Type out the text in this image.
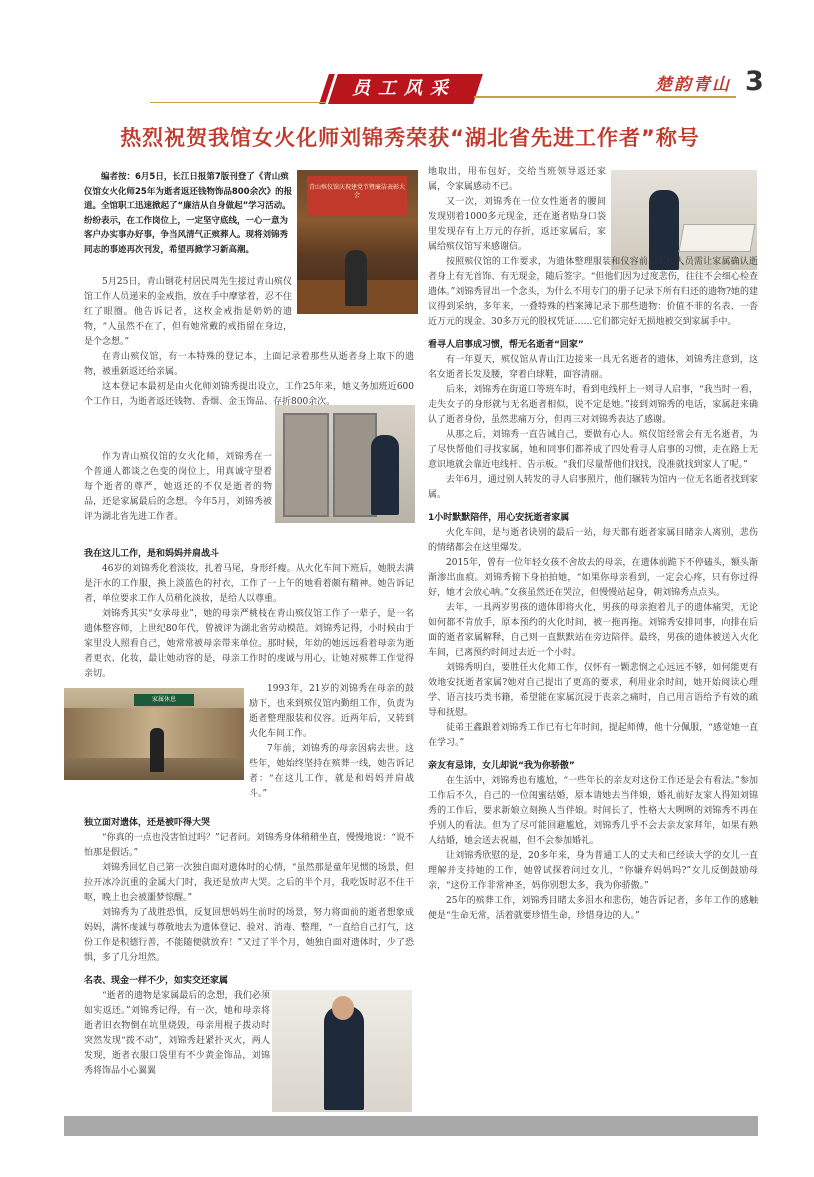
员工风采	楚韵青山 3
热烈祝贺我馆女火化师刘锦秀荣获“湖北省先进工作者”称号

编者按：6月5日，长江日报第7版刊登了《青山殡仪馆女火化师25年为逝者返还钱物饰品800余次》的报道。全馆职工迅速掀起了“廉洁从自身做起”学习活动。纷纷表示，在工作岗位上，一定坚守底线，一心一意为客户办实事办好事，争当风清气正殡葬人。现将刘锦秀同志的事迹再次刊发，希望再掀学习新高潮。

青山殡仪馆庆祝建党节暨廉洁表彰大会
家属休息

5月25日，青山钢花村居民周先生接过青山殡仪馆工作人员递来的金戒指，放在手中摩挲着，忍不住红了眼圈。他告诉记者，这枚金戒指是奶奶的遗物，“人虽然不在了，但有她常戴的戒指留在身边，是个念想。”

在青山殡仪馆，有一本特殊的登记本，上面记录着那些从逝者身上取下的遗物，被重新返还给亲属。

这本登记本最初是由火化师刘锦秀提出设立，工作25年来，她义务加班近600个工作日，为逝者返还钱物、香烟、金玉饰品、存折800余次。

作为青山殡仪馆的女火化师，刘锦秀在一个普通人都谈之色变的岗位上，用真诚守望着每个逝者的尊严，她返还的不仅是逝者的物品，还是家属最后的念想。今年5月，刘锦秀被评为湖北省先进工作者。

我在这儿工作，是和妈妈并肩战斗

46岁的刘锦秀化着淡妆，扎着马尾，身形纤瘦。从火化车间下班后，她脱去满是汗水的工作服，换上淡蓝色的衬衣，工作了一上午的她看着颇有精神。她告诉记者，单位要求工作人员稍化淡妆，是给人以尊重。

刘锦秀其实“女承母业”，她的母亲严桃枝在青山殡仪馆工作了一辈子，是一名遗体整容师，上世纪80年代，曾被评为湖北省劳动模范。刘锦秀记得，小时候由于家里没人照看自己，她常常被母亲带来单位。那时候，年幼的她远远看着母亲为逝者更衣、化妆，最让她动容的是，母亲工作时的虔诚与用心，让她对殡葬工作觉得亲切。

1993年，21岁的刘锦秀在母亲的鼓励下，也来到殡仪馆内勤组工作，负责为逝者整理服装和仪容。近两年后，又转到火化车间工作。

7年前，刘锦秀的母亲因病去世。这些年，她始终坚持在殡葬一线，她告诉记者：“在这儿工作，就是和妈妈并肩战斗。”

独立面对遗体，还是被吓得大哭

“你真的一点也没害怕过吗？”记者问。刘锦秀身体稍稍坐直，慢慢地说：“说不怕那是假话。”

刘锦秀回忆自己第一次独自面对遗体时的心情，“虽然那是童年见惯的场景，但拉开冰冷沉重的金属大门时，我还是放声大哭。之后的半个月，我吃饭时忍不住干呕，晚上也会被噩梦惊醒。”

刘锦秀为了战胜恐惧，反复回想妈妈生前时的场景，努力将面前的逝者想象成妈妈，满怀虔诚与尊敬地去为遗体登记、验对、消毒、整理，“一直给自己打气，这份工作是积德行善，不能随便就放弃！”又过了半个月，她独自面对遗体时，少了恐惧，多了几分坦然。

名表、现金一样不少，如实交还家属

“逝者的遗物是家属最后的念想，我们必须如实返还。”刘锦秀记得，有一次，她和母亲将逝者旧衣物倒在坑里烧毁，母亲用棍子拨动时突然发现“拨不动”，刘锦秀赶紧扑灭火，两人发现，逝者衣服口袋里有不少黄金饰品，刘锦秀将饰品小心翼翼

地取出，用布包好，交给当班领导返还家属，令家属感动不已。

又一次，刘锦秀在一位女性逝者的腰间发现别着1000多元现金，还在逝者贴身口袋里发现存有上万元的存折，返还家属后，家属给殡仪馆写来感谢信。

按照殡仪馆的工作要求，为遗体整理服装和仪容前，工作人员需让家属确认逝者身上有无首饰、有无现金，随后签字。“但他们因为过度悲伤，往往不会细心检查遗体。”刘锦秀冒出一个念头，为什么不用专门的册子记录下所有归还的遗物?她的建议得到采纳，多年来，一叠特殊的档案簿记录下那些遗物：价值不菲的名表、一沓近万元的现金、30多万元的股权凭证……它们都完好无损地被交到家属手中。

看寻人启事成习惯，帮无名逝者“回家”

有一年夏天，殡仪馆从青山江边接来一具无名逝者的遗体，刘锦秀注意到，这名女逝者长发及腰，穿着白球鞋，面容清丽。

后来，刘锦秀在街道口等班车时，看到电线杆上一则寻人启事，“我当时一看，走失女子的身形就与无名逝者相似，说不定是她。”接到刘锦秀的电话，家属赶来确认了逝者身份，虽然悲痛万分，但再三对刘锦秀表达了感谢。

从那之后，刘锦秀一直告诫自己，要做有心人。殡仪馆经常会有无名逝者，为了尽快帮他们寻找家属，她和同事们都养成了四处看寻人启事的习惯，走在路上无意识地就会靠近电线杆、告示板。“我们尽量帮他们找找，没准就找到家人了呢。”

去年6月，通过别人转发的寻人启事照片，他们辗转为馆内一位无名逝者找到家属。

1小时默默陪伴，用心安抚逝者家属

火化车间，是与逝者诀别的最后一站，每天都有逝者家属目睹亲人离别，悲伤的情绪都会在这里爆发。

2015年，曾有一位年轻女孩不舍故去的母亲，在遗体前跪下不停磕头，额头渐渐渗出血痕。刘锦秀俯下身拍拍她，“如果你母亲看到，一定会心疼，只有你过得好，她才会放心呐。”女孩虽然还在哭泣，但慢慢站起身，朝刘锦秀点点头。

去年，一具两岁男孩的遗体即将火化，男孩的母亲抱着儿子的遗体痛哭，无论如何都不肯放手，原本预约的火化时间，被一拖再拖。刘锦秀安排同事，向排在后面的逝者家属解释，自己则一直默默站在旁边陪伴。最终，男孩的遗体被送入火化车间，已离预约时间过去近一个小时。

刘锦秀明白，要胜任火化师工作，仅怀有一颗悲悯之心远远不够，如何能更有效地安抚逝者家属?她对自己提出了更高的要求，利用业余时间，她开始阅读心理学、语言技巧类书籍，希望能在家属沉浸于丧亲之痛时，自己用言语给予有效的疏导和抚慰。

徒弟王鑫跟着刘锦秀工作已有七年时间，提起师傅，他十分佩服，“感觉她一直在学习。”

亲友有忌讳，女儿却说“我为你骄傲”

在生活中，刘锦秀也有尴尬，“一些年长的亲友对这份工作还是会有看法。”参加工作后不久，自己的一位闺蜜结婚，原本请她去当伴娘，婚礼前好友家人得知刘锦秀的工作后，要求新娘立刻换人当伴娘。时间长了，性格大大咧咧的刘锦秀不再在乎别人的看法。但为了尽可能回避尴尬，刘锦秀几乎不会去亲友家拜年，如果有熟人结婚，她会送去祝福，但不会参加婚礼。

让刘锦秀欣慰的是，20多年来，身为普通工人的丈夫和已经读大学的女儿一直理解并支持她的工作，她曾试探着问过女儿，“你嫌弃妈妈吗?”女儿反倒鼓励母亲，“这份工作非常神圣，妈你别想太多，我为你骄傲。”

25年的殡葬工作，刘锦秀目睹太多泪水和悲伤，她告诉记者，多年工作的感触便是“生命无常，活着就要珍惜生命，珍惜身边的人。”
